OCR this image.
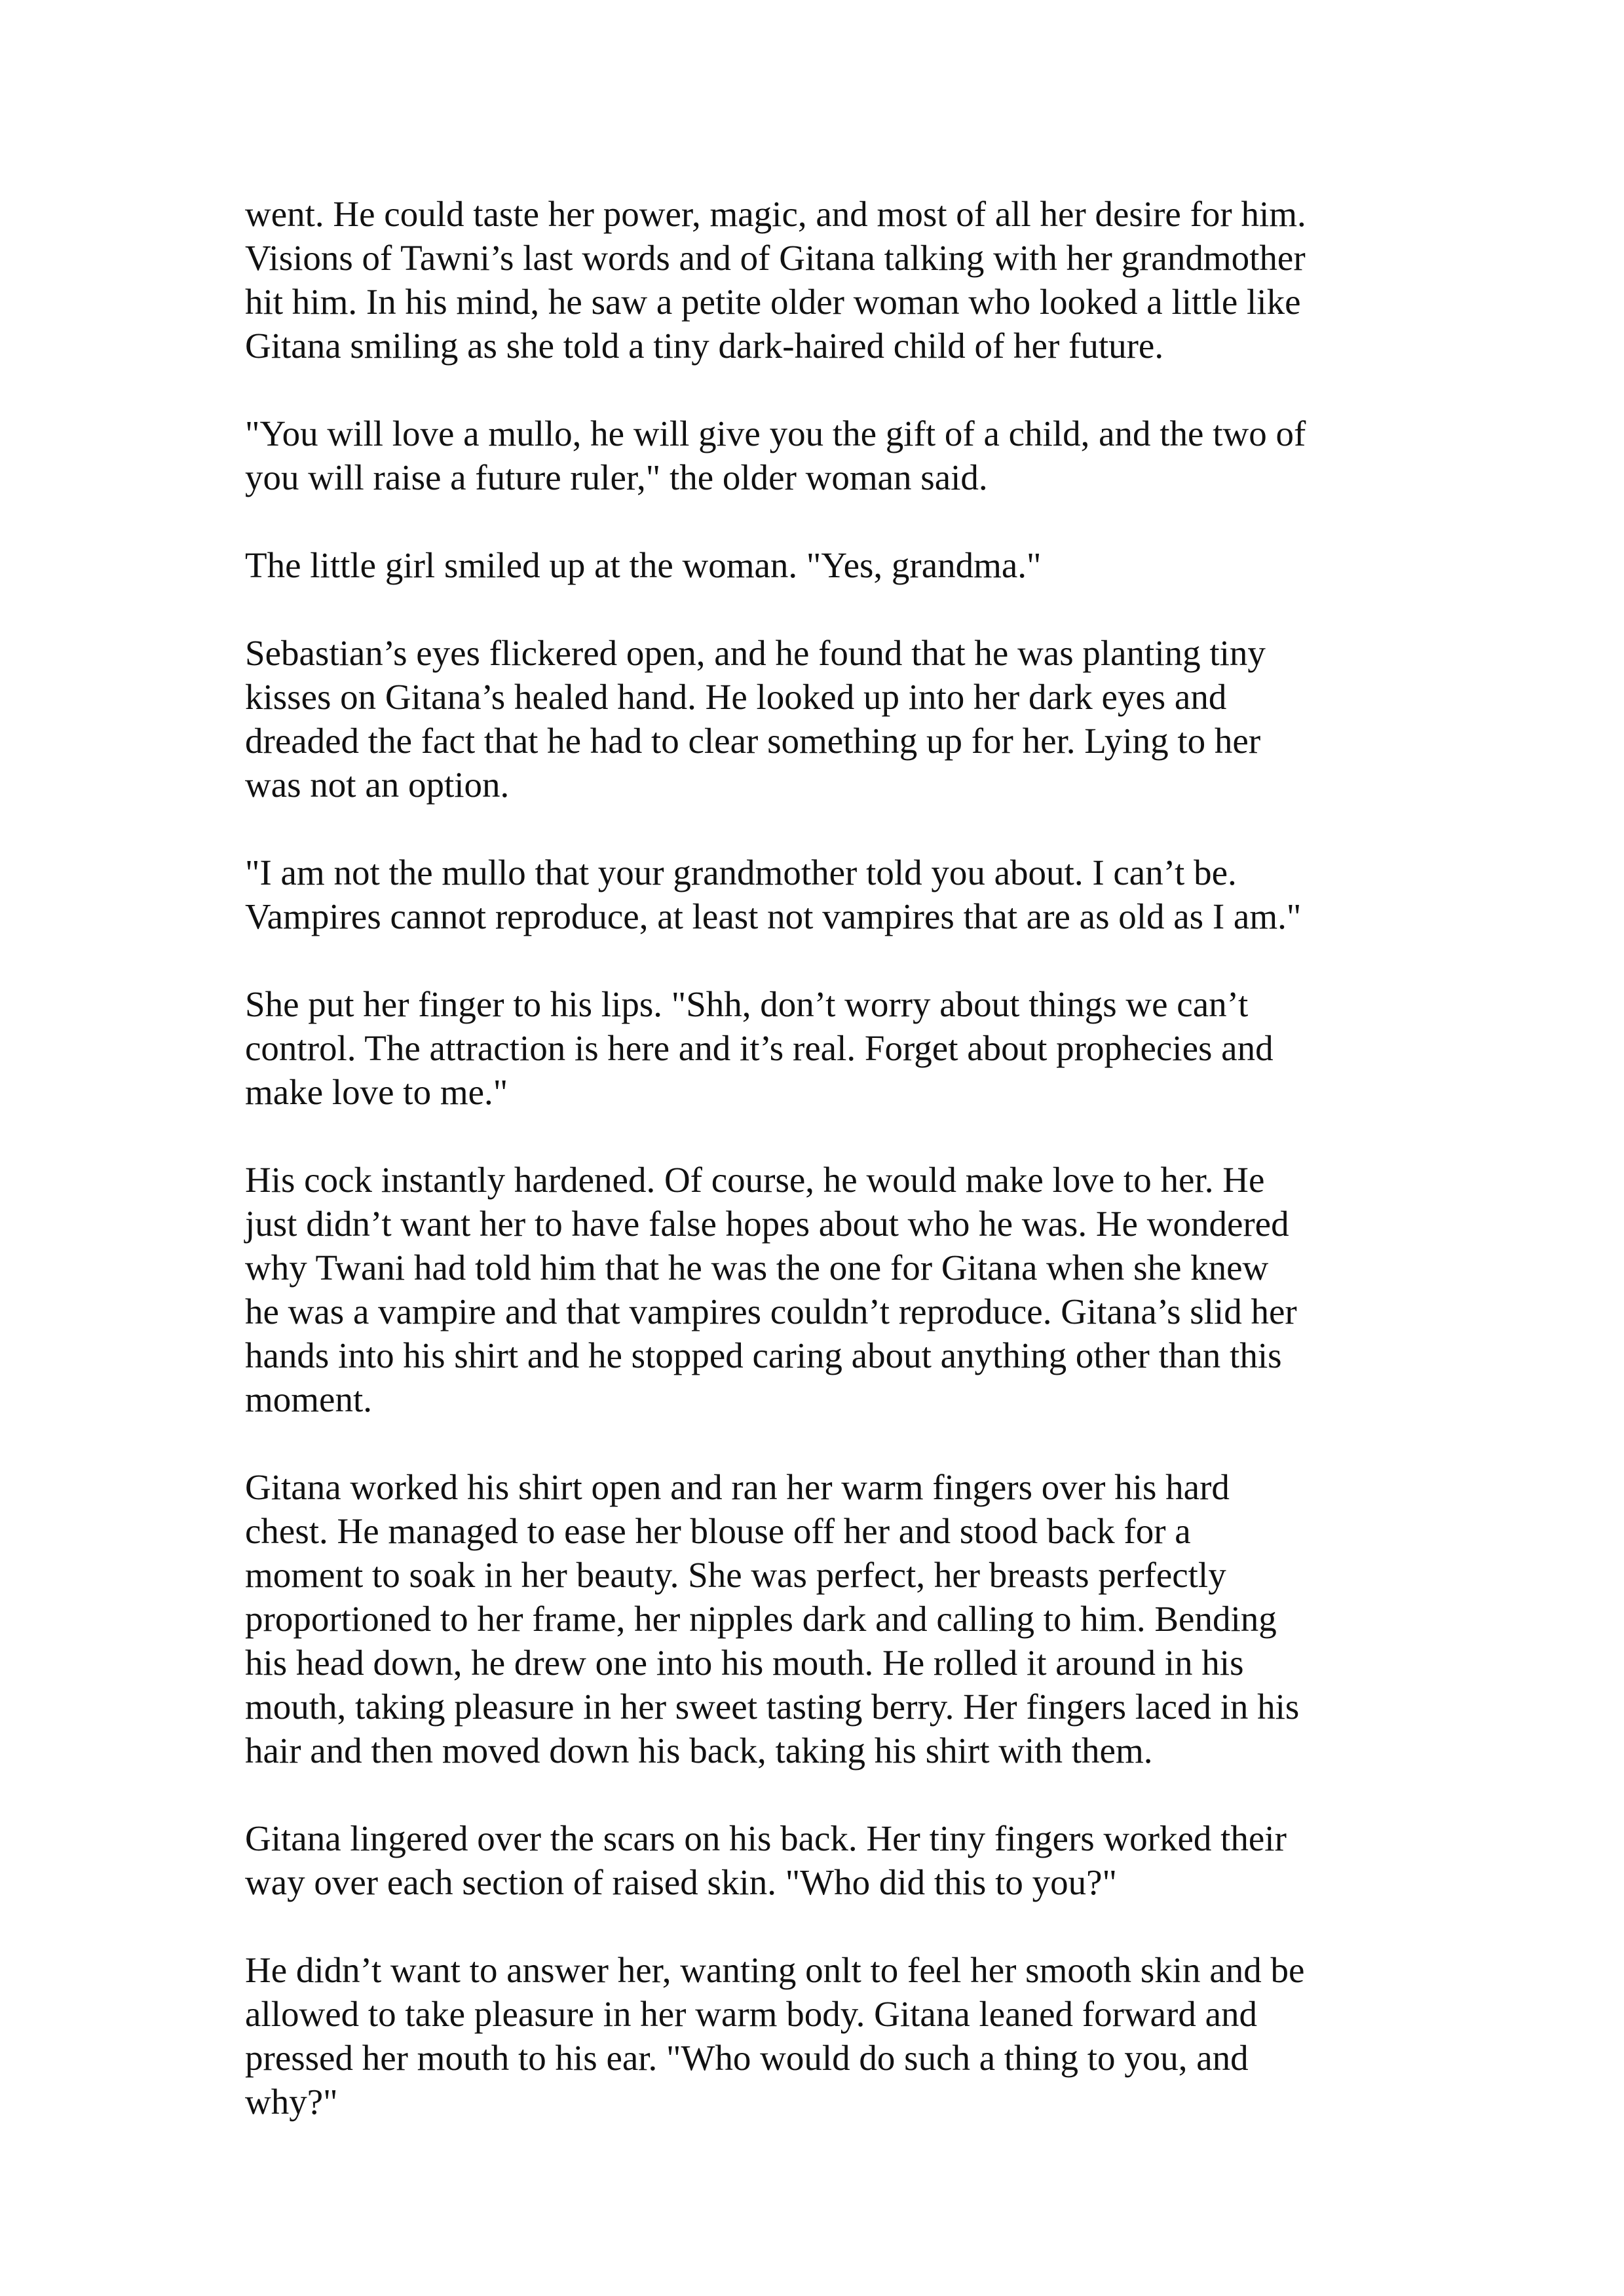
went. He could taste her power, magic, and most of all her desire for him.
Visions of Tawni’s last words and of Gitana talking with her grandmother
hit him. In his mind, he saw a petite older woman who looked a little like
Gitana smiling as she told a tiny dark-haired child of her future.

"You will love a mullo, he will give you the gift of a child, and the two of
you will raise a future ruler," the older woman said.

The little girl smiled up at the woman. "Yes, grandma."

Sebastian’s eyes flickered open, and he found that he was planting tiny
kisses on Gitana’s healed hand. He looked up into her dark eyes and
dreaded the fact that he had to clear something up for her. Lying to her
was not an option.

"I am not the mullo that your grandmother told you about. I can’t be.
Vampires cannot reproduce, at least not vampires that are as old as I am."

She put her finger to his lips. "Shh, don’t worry about things we can’t
control. The attraction is here and it’s real. Forget about prophecies and
make love to me."

His cock instantly hardened. Of course, he would make love to her. He
just didn’t want her to have false hopes about who he was. He wondered
why Twani had told him that he was the one for Gitana when she knew
he was a vampire and that vampires couldn’t reproduce. Gitana’s slid her
hands into his shirt and he stopped caring about anything other than this
moment.

Gitana worked his shirt open and ran her warm fingers over his hard
chest. He managed to ease her blouse off her and stood back for a
moment to soak in her beauty. She was perfect, her breasts perfectly
proportioned to her frame, her nipples dark and calling to him. Bending
his head down, he drew one into his mouth. He rolled it around in his
mouth, taking pleasure in her sweet tasting berry. Her fingers laced in his
hair and then moved down his back, taking his shirt with them.

Gitana lingered over the scars on his back. Her tiny fingers worked their
way over each section of raised skin. "Who did this to you?"

He didn’t want to answer her, wanting onlt to feel her smooth skin and be
allowed to take pleasure in her warm body. Gitana leaned forward and
pressed her mouth to his ear. "Who would do such a thing to you, and
why?"
